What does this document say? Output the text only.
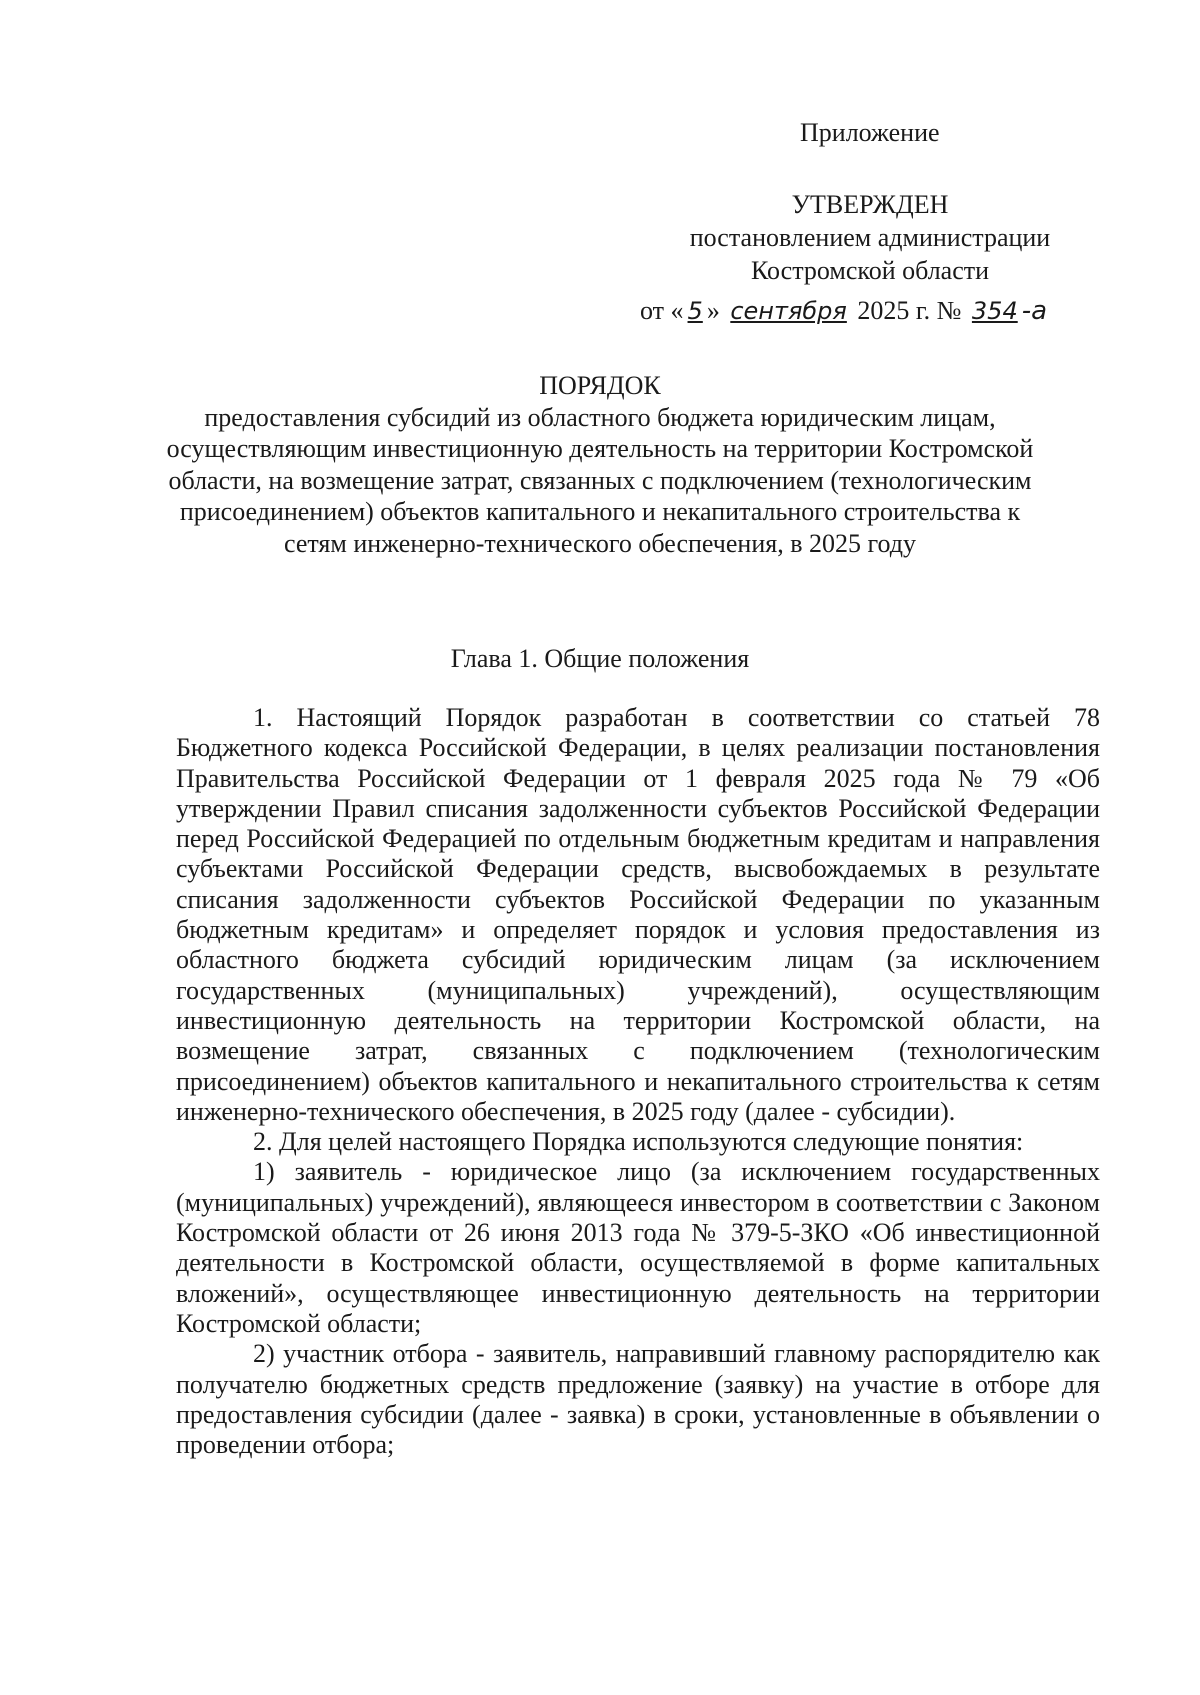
Приложение
УТВЕРЖДЕН
постановлением администрации
Костромской области
от « 5 » сентября 2025 г. № 354 -а
ПОРЯДОК
предоставления субсидий из областного бюджета юридическим лицам, осуществляющим инвестиционную деятельность на территории Костромской области, на возмещение затрат, связанных с подключением (технологическим присоединением) объектов капитального и некапитального строительства к сетям инженерно-технического обеспечения, в 2025 году
Глава 1. Общие положения

1. Настоящий Порядок разработан в соответствии со статьей 78 Бюджетного кодекса Российской Федерации, в целях реализации постановления Правительства Российской Федерации от 1 февраля 2025 года № 79 «Об утверждении Правил списания задолженности субъектов Российской Федерации перед Российской Федерацией по отдельным бюджетным кредитам и направления субъектами Российской Федерации средств, высвобождаемых в результате списания задолженности субъектов Российской Федерации по указанным бюджетным кредитам» и определяет порядок и условия предоставления из областного бюджета субсидий юридическим лицам (за исключением государственных (муниципальных) учреждений), осуществляющим инвестиционную деятельность на территории Костромской области, на возмещение затрат, связанных с подключением (технологическим присоединением) объектов капитального и некапитального строительства к сетям инженерно-технического обеспечения, в 2025 году (далее - субсидии).

2. Для целей настоящего Порядка используются следующие понятия:

1) заявитель - юридическое лицо (за исключением государственных (муниципальных) учреждений), являющееся инвестором в соответствии с Законом Костромской области от 26 июня 2013 года № 379-5-ЗКО «Об инвестиционной деятельности в Костромской области, осуществляемой в форме капитальных вложений», осуществляющее инвестиционную деятельность на территории Костромской области;

2) участник отбора - заявитель, направивший главному распорядителю как получателю бюджетных средств предложение (заявку) на участие в отборе для предоставления субсидии (далее - заявка) в сроки, установленные в объявлении о проведении отбора;
